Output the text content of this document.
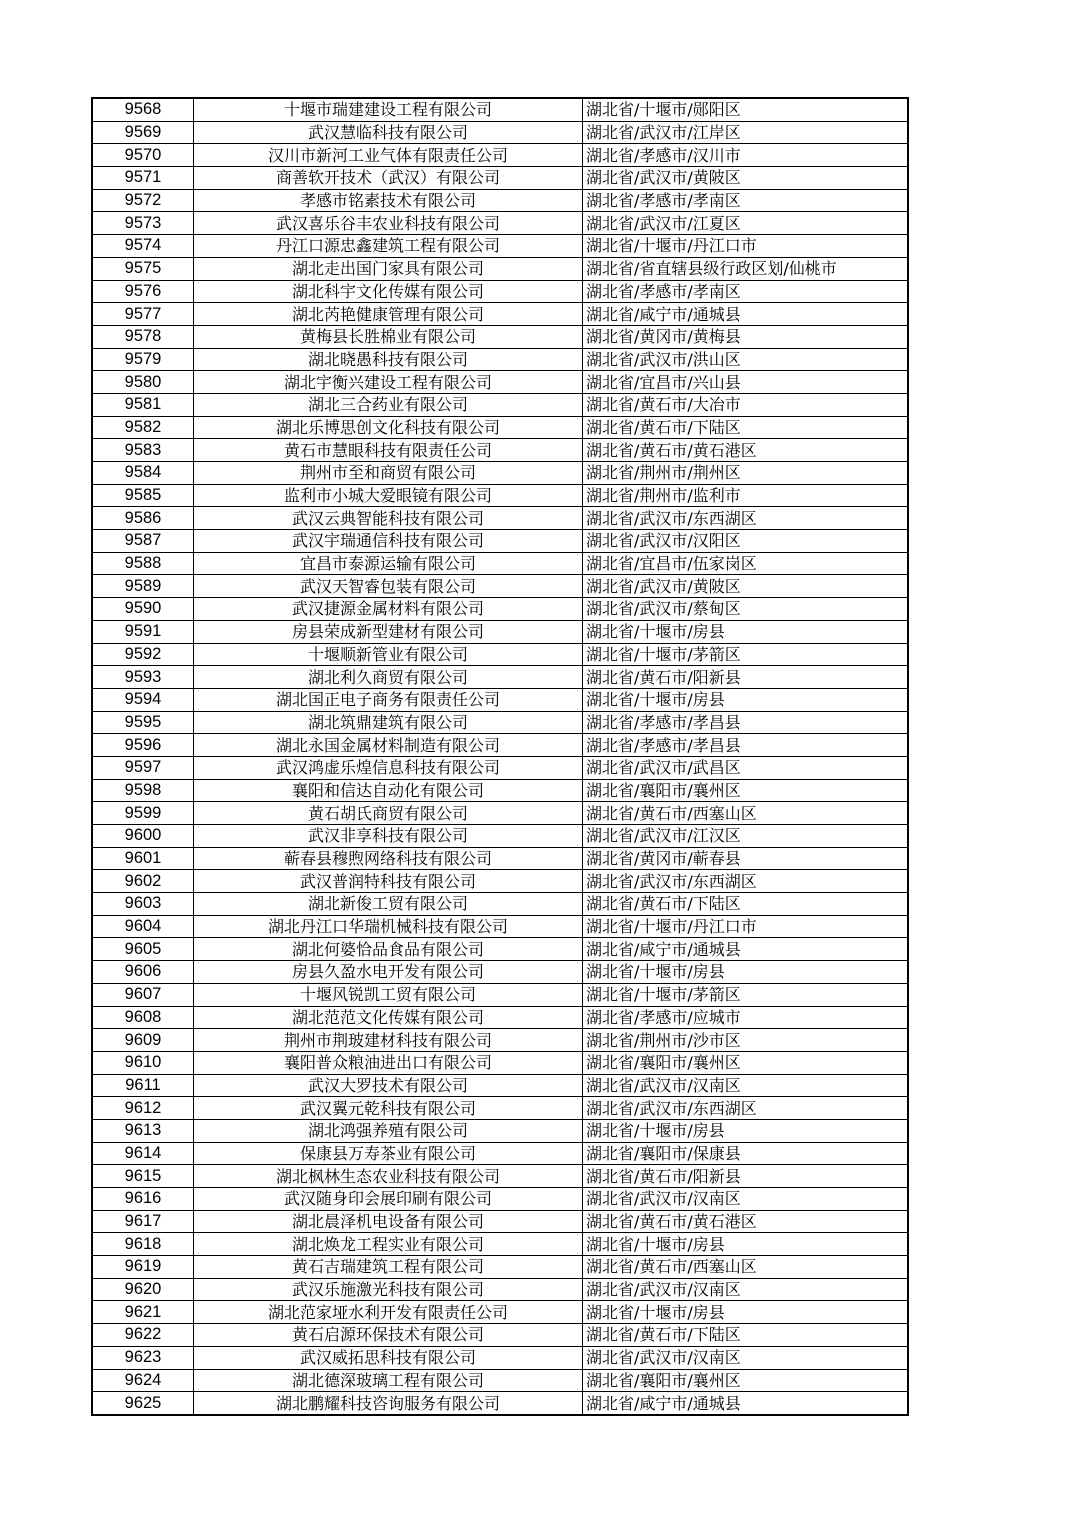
9568	十堰市瑞建建设工程有限公司	湖北省/十堰市/郧阳区
9569	武汉慧临科技有限公司	湖北省/武汉市/江岸区
9570	汉川市新河工业气体有限责任公司	湖北省/孝感市/汉川市
9571	商善软开技术（武汉）有限公司	湖北省/武汉市/黄陂区
9572	孝感市铭素技术有限公司	湖北省/孝感市/孝南区
9573	武汉喜乐谷丰农业科技有限公司	湖北省/武汉市/江夏区
9574	丹江口源忠鑫建筑工程有限公司	湖北省/十堰市/丹江口市
9575	湖北走出国门家具有限公司	湖北省/省直辖县级行政区划/仙桃市
9576	湖北科宇文化传媒有限公司	湖北省/孝感市/孝南区
9577	湖北芮艳健康管理有限公司	湖北省/咸宁市/通城县
9578	黄梅县长胜棉业有限公司	湖北省/黄冈市/黄梅县
9579	湖北晓愚科技有限公司	湖北省/武汉市/洪山区
9580	湖北宇衡兴建设工程有限公司	湖北省/宜昌市/兴山县
9581	湖北三合药业有限公司	湖北省/黄石市/大冶市
9582	湖北乐博思创文化科技有限公司	湖北省/黄石市/下陆区
9583	黄石市慧眼科技有限责任公司	湖北省/黄石市/黄石港区
9584	荆州市至和商贸有限公司	湖北省/荆州市/荆州区
9585	监利市小城大爱眼镜有限公司	湖北省/荆州市/监利市
9586	武汉云典智能科技有限公司	湖北省/武汉市/东西湖区
9587	武汉宇瑞通信科技有限公司	湖北省/武汉市/汉阳区
9588	宜昌市泰源运输有限公司	湖北省/宜昌市/伍家岗区
9589	武汉天智睿包装有限公司	湖北省/武汉市/黄陂区
9590	武汉捷源金属材料有限公司	湖北省/武汉市/蔡甸区
9591	房县荣成新型建材有限公司	湖北省/十堰市/房县
9592	十堰顺新管业有限公司	湖北省/十堰市/茅箭区
9593	湖北利久商贸有限公司	湖北省/黄石市/阳新县
9594	湖北国正电子商务有限责任公司	湖北省/十堰市/房县
9595	湖北筑鼎建筑有限公司	湖北省/孝感市/孝昌县
9596	湖北永国金属材料制造有限公司	湖北省/孝感市/孝昌县
9597	武汉鸿虚乐煌信息科技有限公司	湖北省/武汉市/武昌区
9598	襄阳和信达自动化有限公司	湖北省/襄阳市/襄州区
9599	黄石胡氏商贸有限公司	湖北省/黄石市/西塞山区
9600	武汉非享科技有限公司	湖北省/武汉市/江汉区
9601	蕲春县穆煦网络科技有限公司	湖北省/黄冈市/蕲春县
9602	武汉普润特科技有限公司	湖北省/武汉市/东西湖区
9603	湖北新俊工贸有限公司	湖北省/黄石市/下陆区
9604	湖北丹江口华瑞机械科技有限公司	湖北省/十堰市/丹江口市
9605	湖北何婆恰品食品有限公司	湖北省/咸宁市/通城县
9606	房县久盈水电开发有限公司	湖北省/十堰市/房县
9607	十堰风锐凯工贸有限公司	湖北省/十堰市/茅箭区
9608	湖北范范文化传媒有限公司	湖北省/孝感市/应城市
9609	荆州市荆玻建材科技有限公司	湖北省/荆州市/沙市区
9610	襄阳普众粮油进出口有限公司	湖北省/襄阳市/襄州区
9611	武汉大罗技术有限公司	湖北省/武汉市/汉南区
9612	武汉翼元乾科技有限公司	湖北省/武汉市/东西湖区
9613	湖北鸿强养殖有限公司	湖北省/十堰市/房县
9614	保康县万寿茶业有限公司	湖北省/襄阳市/保康县
9615	湖北枫林生态农业科技有限公司	湖北省/黄石市/阳新县
9616	武汉随身印会展印刷有限公司	湖北省/武汉市/汉南区
9617	湖北晨泽机电设备有限公司	湖北省/黄石市/黄石港区
9618	湖北焕龙工程实业有限公司	湖北省/十堰市/房县
9619	黄石吉瑞建筑工程有限公司	湖北省/黄石市/西塞山区
9620	武汉乐施激光科技有限公司	湖北省/武汉市/汉南区
9621	湖北范家垭水利开发有限责任公司	湖北省/十堰市/房县
9622	黄石启源环保技术有限公司	湖北省/黄石市/下陆区
9623	武汉威拓思科技有限公司	湖北省/武汉市/汉南区
9624	湖北德深玻璃工程有限公司	湖北省/襄阳市/襄州区
9625	湖北鹏耀科技咨询服务有限公司	湖北省/咸宁市/通城县
